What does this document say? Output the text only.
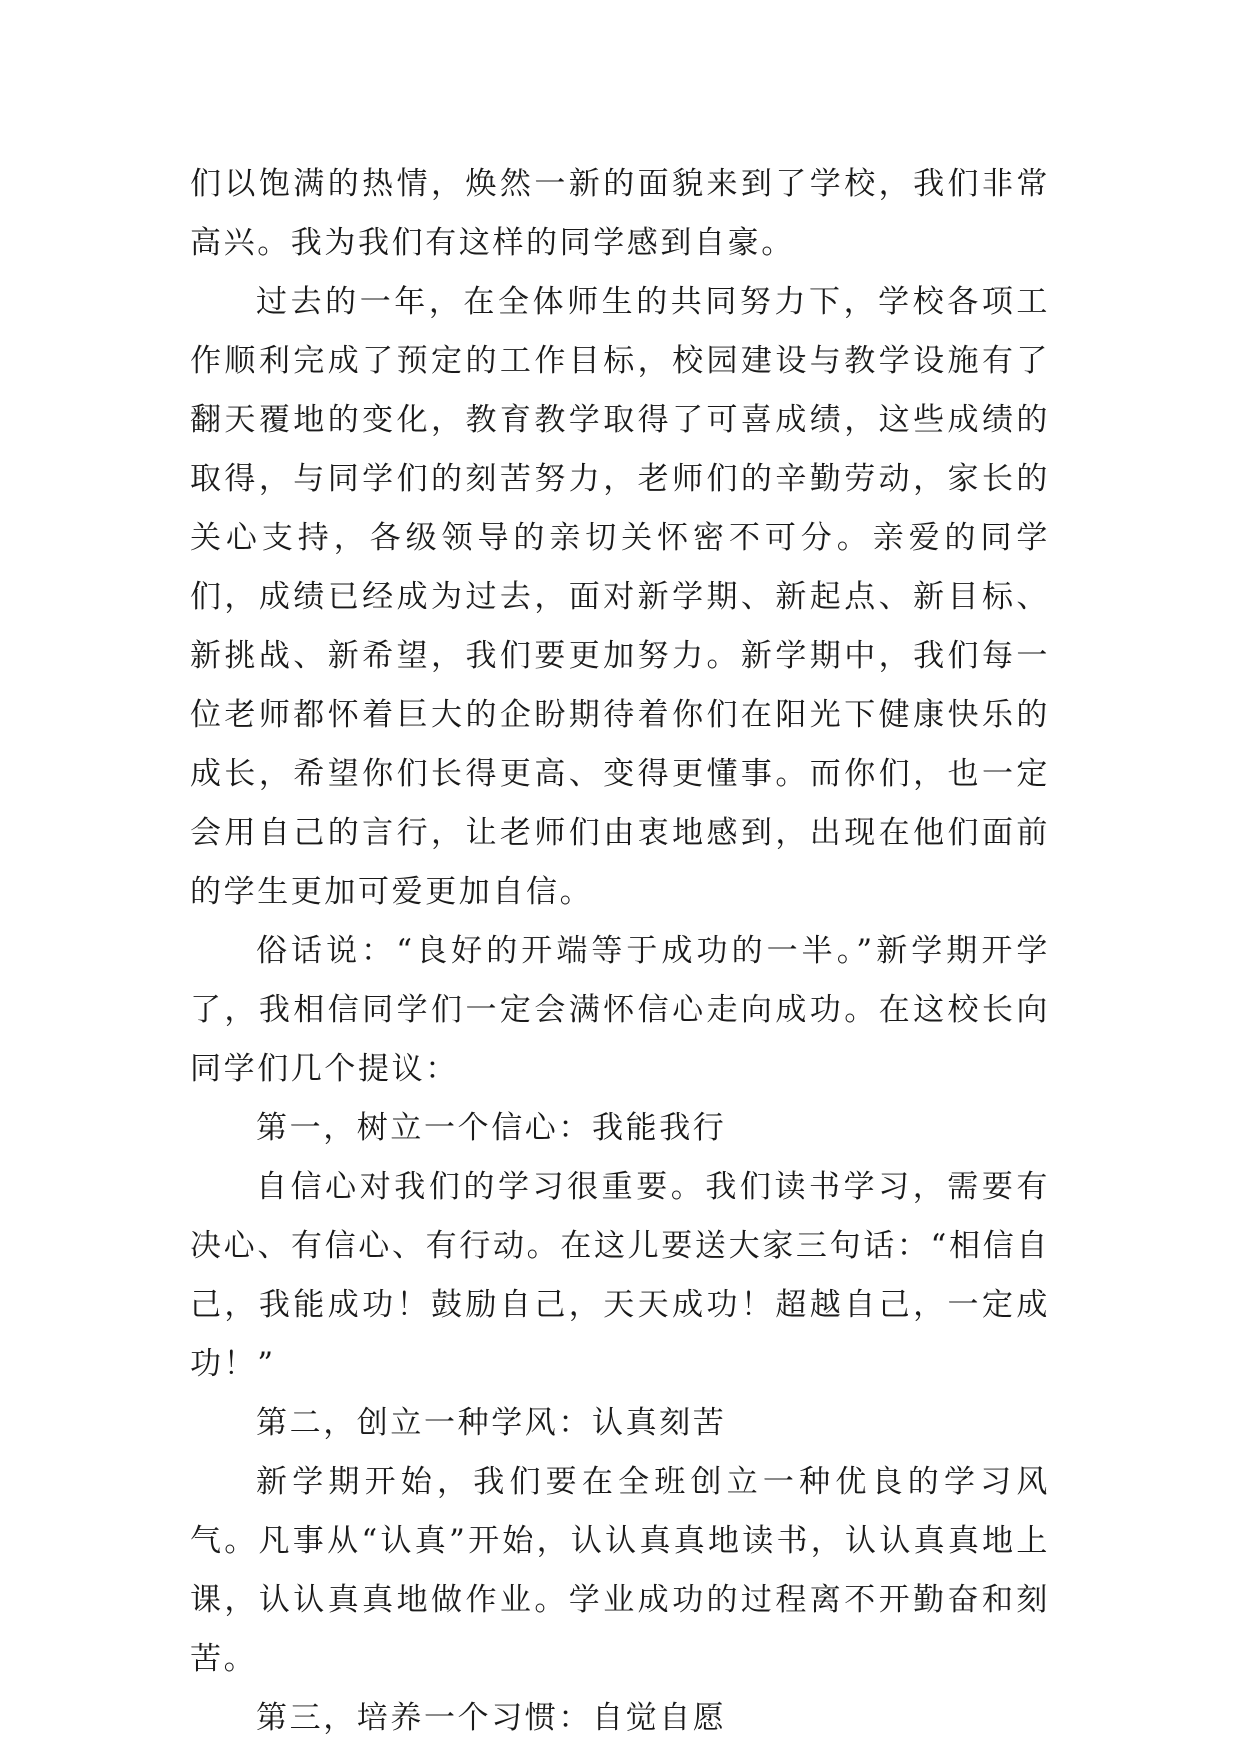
们以饱满的热情，焕然一新的面貌来到了学校，我们非常高兴。我为我们有这样的同学感到自豪。

过去的一年，在全体师生的共同努力下，学校各项工作顺利完成了预定的工作目标，校园建设与教学设施有了翻天覆地的变化，教育教学取得了可喜成绩，这些成绩的取得，与同学们的刻苦努力，老师们的辛勤劳动，家长的关心支持，各级领导的亲切关怀密不可分。亲爱的同学们，成绩已经成为过去，面对新学期、新起点、新目标、新挑战、新希望，我们要更加努力。新学期中，我们每一位老师都怀着巨大的企盼期待着你们在阳光下健康快乐的成长，希望你们长得更高、变得更懂事。而你们，也一定会用自己的言行，让老师们由衷地感到，出现在他们面前的学生更加可爱更加自信。

俗话说：“良好的开端等于成功的一半。”新学期开学了，我相信同学们一定会满怀信心走向成功。在这校长向同学们几个提议：

第一，树立一个信心：我能我行

自信心对我们的学习很重要。我们读书学习，需要有决心、有信心、有行动。在这儿要送大家三句话：“相信自己，我能成功！鼓励自己，天天成功！超越自己，一定成功！”

第二，创立一种学风：认真刻苦

新学期开始，我们要在全班创立一种优良的学习风气。凡事从“认真”开始，认认真真地读书，认认真真地上课，认认真真地做作业。学业成功的过程离不开勤奋和刻苦。

第三，培养一个习惯：自觉自愿
